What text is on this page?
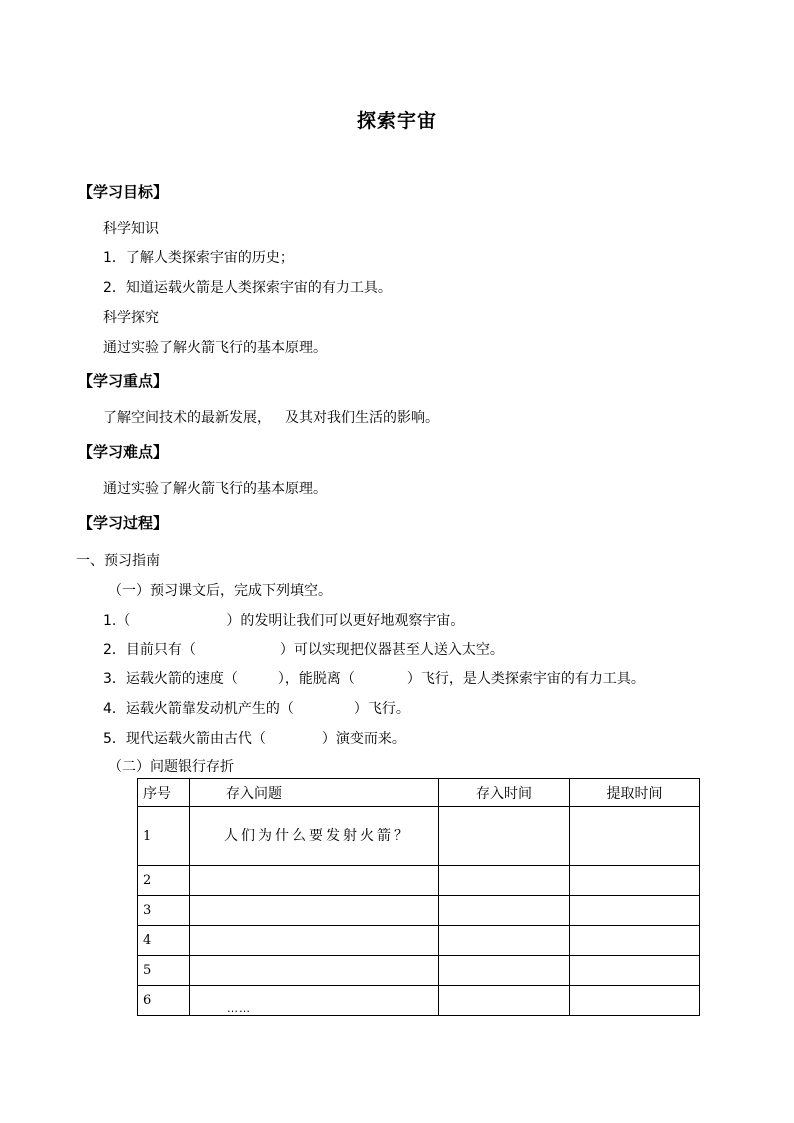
探索宇宙
【学习目标】
科学知识
1．了解人类探索宇宙的历史；
2．知道运载火箭是人类探索宇宙的有力工具。
科学探究
通过实验了解火箭飞行的基本原理。
【学习重点】
了解空间技术的最新发展， 及其对我们生活的影响。
【学习难点】
通过实验了解火箭飞行的基本原理。
【学习过程】
一、预习指南
（一）预习课文后，完成下列填空。
1.（	）的发明让我们可以更好地观察宇宙。
2．目前只有（	）可以实现把仪器甚至人送入太空。
3．运载火箭的速度（	），能脱离（	）飞行，是人类探索宇宙的有力工具。
4．运载火箭靠发动机产生的（	）飞行。
5．现代运载火箭由古代（	）演变而来。
（二）问题银行存折
序号	存入问题	存入时间	提取时间
1	人们为什么要发射火箭？		
2			
3			
4			
5			
6	……		
